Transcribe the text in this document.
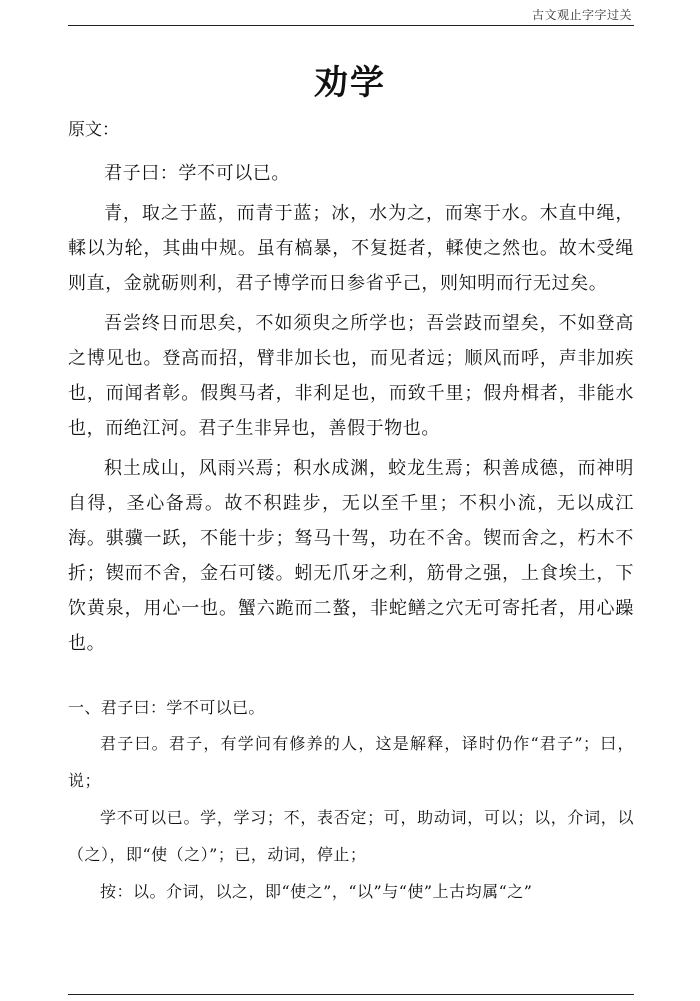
古文观止字字过关
劝学

原文：

君子曰：学不可以已。

青，取之于蓝，而青于蓝；冰，水为之，而寒于水。木直中绳，輮以为轮，其曲中规。虽有槁暴，不复挺者，輮使之然也。故木受绳则直，金就砺则利，君子博学而日参省乎己，则知明而行无过矣。

吾尝终日而思矣，不如须臾之所学也；吾尝跂而望矣，不如登高之博见也。登高而招，臂非加长也，而见者远；顺风而呼，声非加疾也，而闻者彰。假舆马者，非利足也，而致千里；假舟楫者，非能水也，而绝江河。君子生非异也，善假于物也。

积土成山，风雨兴焉；积水成渊，蛟龙生焉；积善成德，而神明自得，圣心备焉。故不积跬步，无以至千里；不积小流，无以成江海。骐骥一跃，不能十步；驽马十驾，功在不舍。锲而舍之，朽木不折；锲而不舍，金石可镂。蚓无爪牙之利，筋骨之强，上食埃土，下饮黄泉，用心一也。蟹六跪而二螯，非蛇鳝之穴无可寄托者，用心躁也。

一、君子曰：学不可以已。

君子曰。君子，有学问有修养的人，这是解释，译时仍作“君子”；曰，说；

学不可以已。学，学习；不，表否定；可，助动词，可以；以，介词，以（之），即“使（之）”；已，动词，停止；

按：以。介词，以之，即“使之”，“以”与“使”上古均属“之”
